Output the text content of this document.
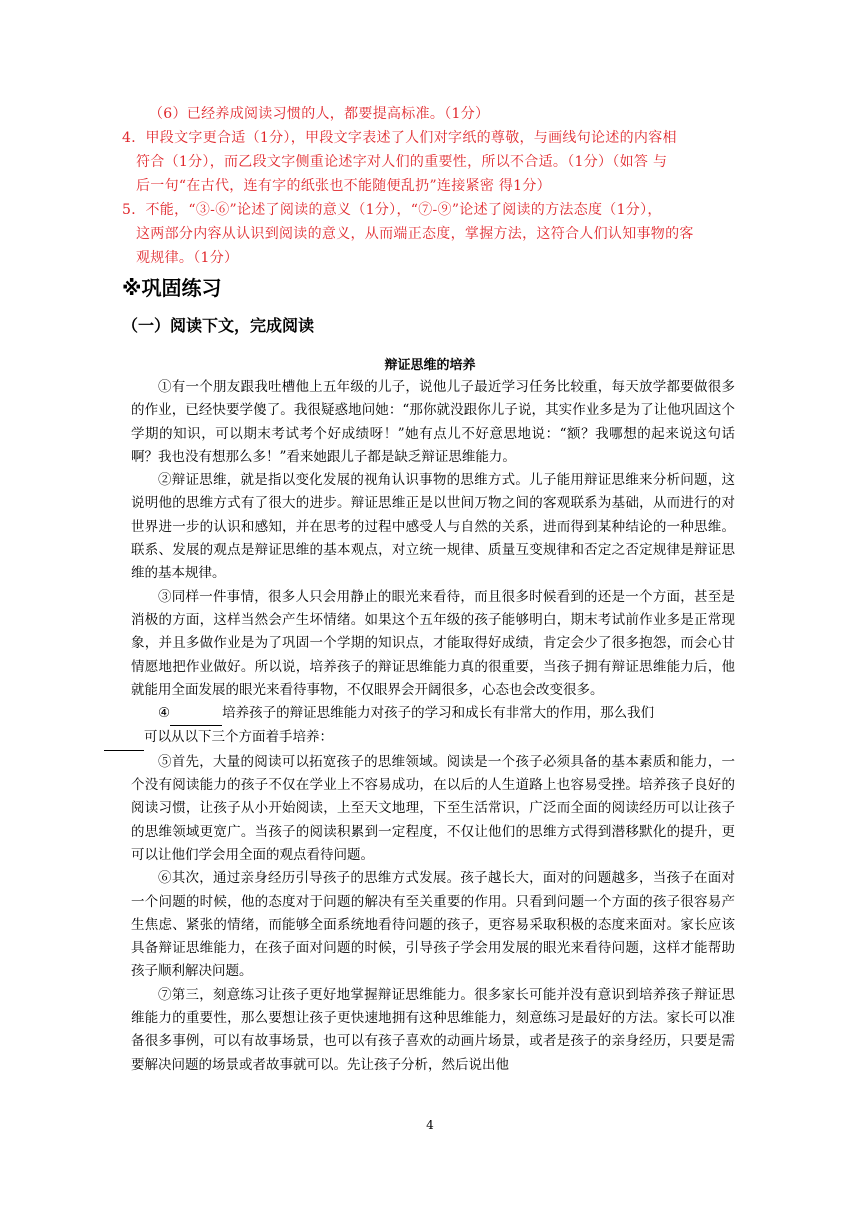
（6）已经养成阅读习惯的人，都要提高标准。（1分）
4．甲段文字更合适（1分），甲段文字表述了人们对字纸的尊敬，与画线句论述的内容相
符合（1分），而乙段文字侧重论述字对人们的重要性，所以不合适。（1分）（如答 与
后一句“在古代，连有字的纸张也不能随便乱扔”连接紧密 得1分）
5．不能，“③-⑥”论述了阅读的意义（1分），“⑦-⑨”论述了阅读的方法态度（1分），
这两部分内容从认识到阅读的意义，从而端正态度，掌握方法，这符合人们认知事物的客
观规律。（1分）
※巩固练习
（一）阅读下文，完成阅读
辩证思维的培养

①有一个朋友跟我吐槽他上五年级的儿子，说他儿子最近学习任务比较重，每天放学都要做很多的作业，已经快要学傻了。我很疑惑地问她：“那你就没跟你儿子说，其实作业多是为了让他巩固这个学期的知识，可以期末考试考个好成绩呀！”她有点儿不好意思地说：“额？我哪想的起来说这句话啊？我也没有想那么多！”看来她跟儿子都是缺乏辩证思维能力。

②辩证思维，就是指以变化发展的视角认识事物的思维方式。儿子能用辩证思维来分析问题，这说明他的思维方式有了很大的进步。辩证思维正是以世间万物之间的客观联系为基础，从而进行的对世界进一步的认识和感知，并在思考的过程中感受人与自然的关系，进而得到某种结论的一种思维。联系、发展的观点是辩证思维的基本观点，对立统一规律、质量互变规律和否定之否定规律是辩证思维的基本规律。

③同样一件事情，很多人只会用静止的眼光来看待，而且很多时候看到的还是一个方面，甚至是消极的方面，这样当然会产生坏情绪。如果这个五年级的孩子能够明白，期末考试前作业多是正常现象，并且多做作业是为了巩固一个学期的知识点，才能取得好成绩，肯定会少了很多抱怨，而会心甘情愿地把作业做好。所以说，培养孩子的辩证思维能力真的很重要，当孩子拥有辩证思维能力后，他就能用全面发展的眼光来看待事物，不仅眼界会开阔很多，心态也会改变很多。

④	培养孩子的辩证思维能力对孩子的学习和成长有非常大的作用，那么我们
可以从以下三个方面着手培养：

⑤首先，大量的阅读可以拓宽孩子的思维领域。阅读是一个孩子必须具备的基本素质和能力，一个没有阅读能力的孩子不仅在学业上不容易成功，在以后的人生道路上也容易受挫。培养孩子良好的阅读习惯，让孩子从小开始阅读，上至天文地理，下至生活常识，广泛而全面的阅读经历可以让孩子的思维领域更宽广。当孩子的阅读积累到一定程度，不仅让他们的思维方式得到潜移默化的提升，更可以让他们学会用全面的观点看待问题。

⑥其次，通过亲身经历引导孩子的思维方式发展。孩子越长大，面对的问题越多，当孩子在面对一个问题的时候，他的态度对于问题的解决有至关重要的作用。只看到问题一个方面的孩子很容易产生焦虑、紧张的情绪，而能够全面系统地看待问题的孩子，更容易采取积极的态度来面对。家长应该具备辩证思维能力，在孩子面对问题的时候，引导孩子学会用发展的眼光来看待问题，这样才能帮助孩子顺利解决问题。

⑦第三，刻意练习让孩子更好地掌握辩证思维能力。很多家长可能并没有意识到培养孩子辩证思维能力的重要性，那么要想让孩子更快速地拥有这种思维能力，刻意练习是最好的方法。家长可以准备很多事例，可以有故事场景，也可以有孩子喜欢的动画片场景，或者是孩子的亲身经历，只要是需要解决问题的场景或者故事就可以。先让孩子分析，然后说出他

4
